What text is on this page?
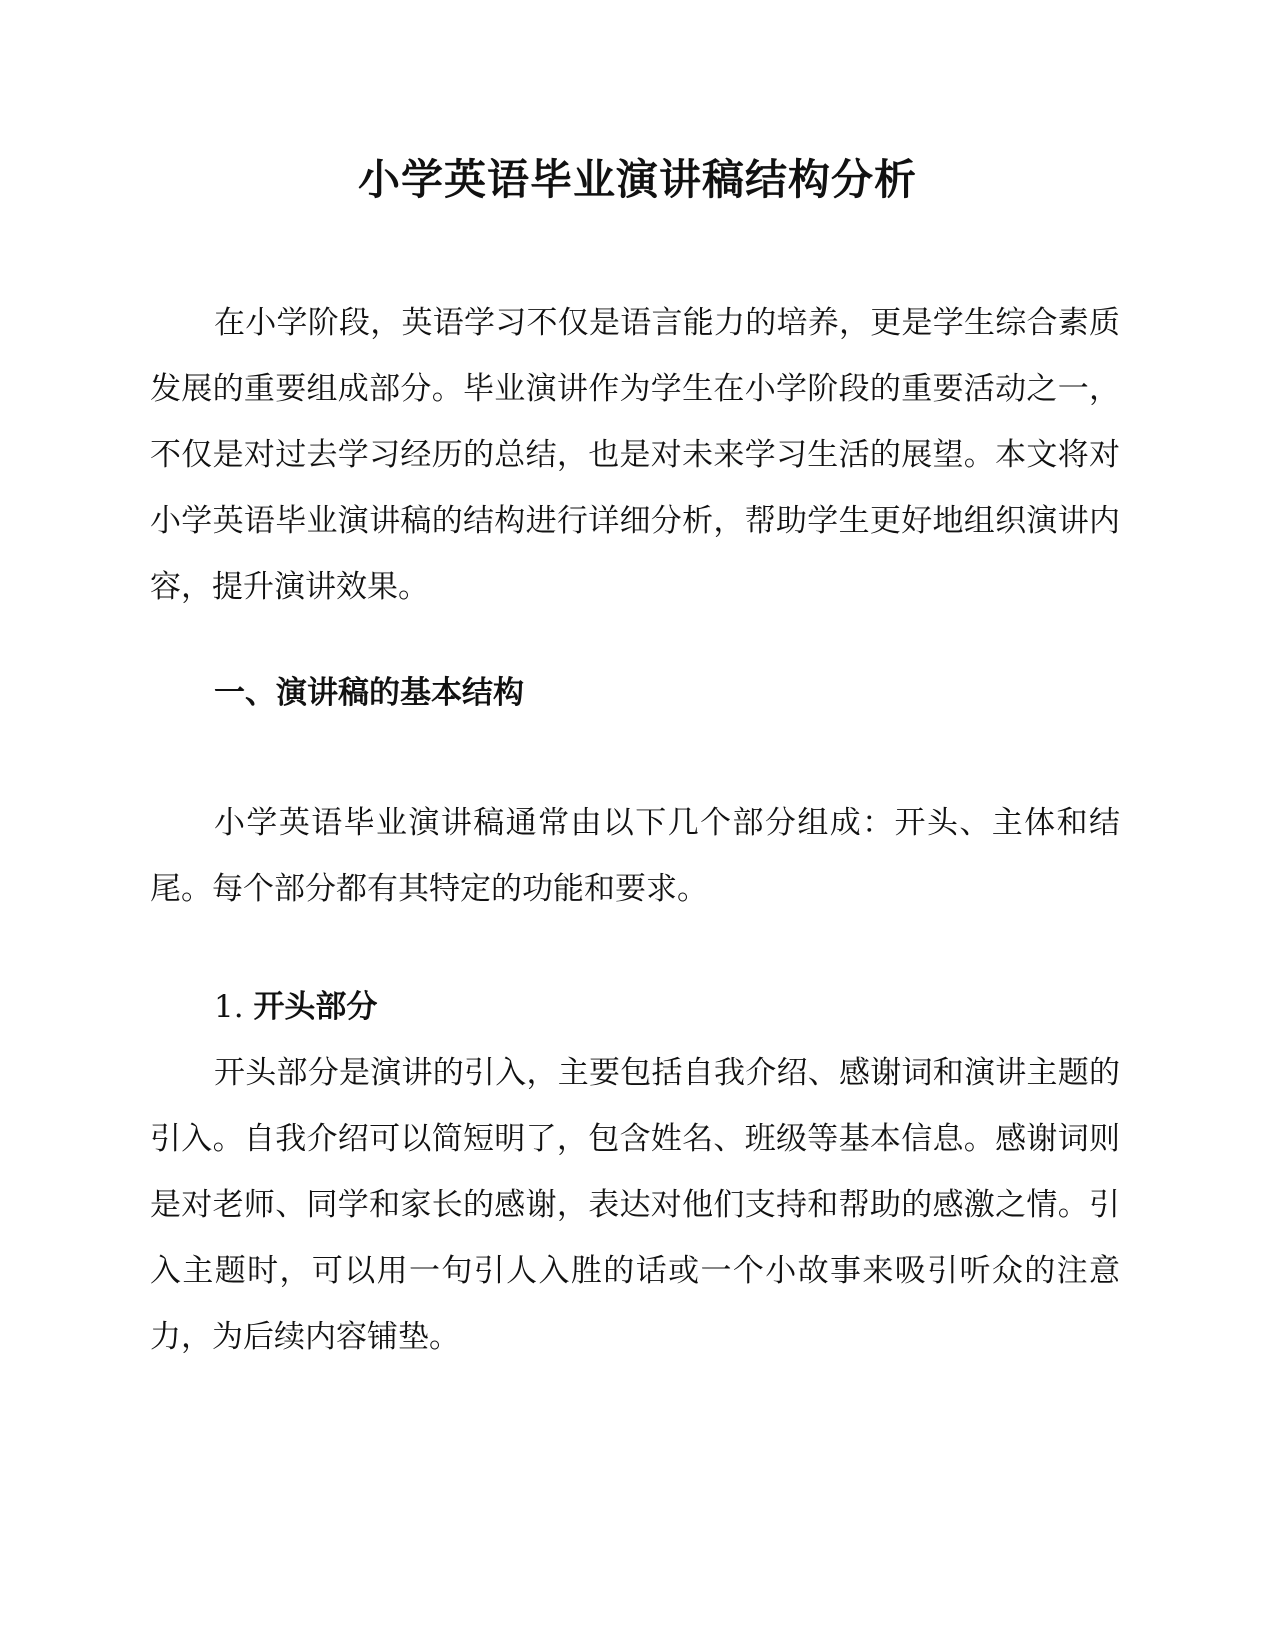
小学英语毕业演讲稿结构分析

在小学阶段，英语学习不仅是语言能力的培养，更是学生综合素质发展的重要组成部分。毕业演讲作为学生在小学阶段的重要活动之一，不仅是对过去学习经历的总结，也是对未来学习生活的展望。本文将对小学英语毕业演讲稿的结构进行详细分析，帮助学生更好地组织演讲内容，提升演讲效果。

一、演讲稿的基本结构

小学英语毕业演讲稿通常由以下几个部分组成：开头、主体和结尾。每个部分都有其特定的功能和要求。

1. 开头部分

开头部分是演讲的引入，主要包括自我介绍、感谢词和演讲主题的引入。自我介绍可以简短明了，包含姓名、班级等基本信息。感谢词则是对老师、同学和家长的感谢，表达对他们支持和帮助的感激之情。引入主题时，可以用一句引人入胜的话或一个小故事来吸引听众的注意力，为后续内容铺垫。
